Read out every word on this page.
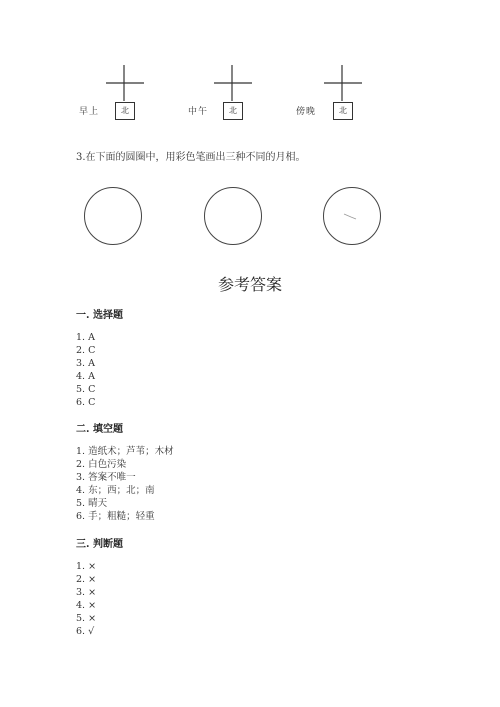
早上	北	中午	北	傍晚	北
3.在下面的圆圈中，用彩色笔画出三种不同的月相。
参考答案
一. 选择题
1. A
2. C
3. A
4. A
5. C
6. C
二. 填空题
1. 造纸术；芦苇；木材
2. 白色污染
3. 答案不唯一
4. 东；西；北；南
5. 晴天
6. 手；粗糙；轻重
三. 判断题
1. ×
2. ×
3. ×
4. ×
5. ×
6. √
